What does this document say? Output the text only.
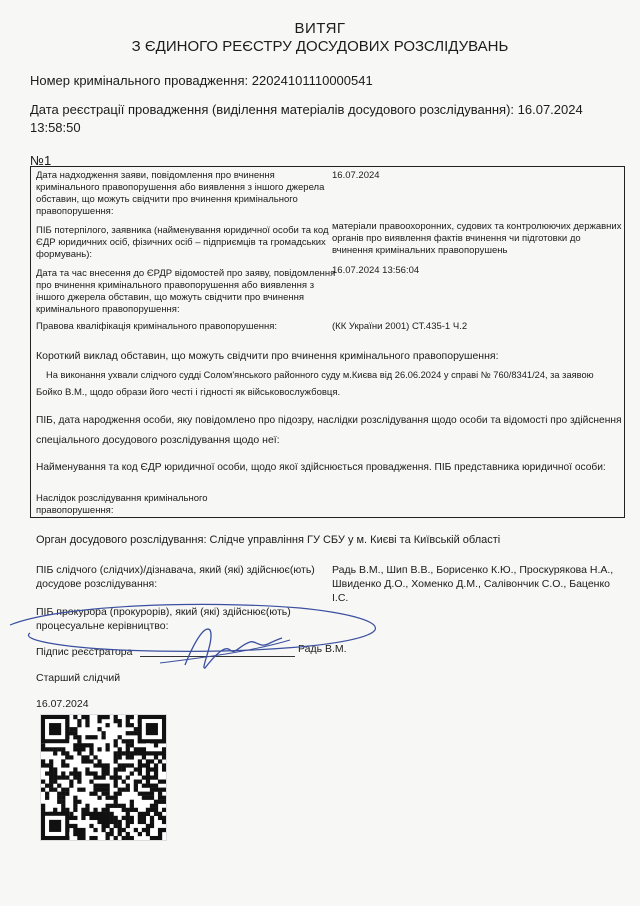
ВИТЯГ
З ЄДИНОГО РЕЄСТРУ ДОСУДОВИХ РОЗСЛІДУВАНЬ
Номер кримінального провадження: 22024101110000541
Дата реєстрації провадження (виділення матеріалів досудового розслідування): 16.07.2024 13:58:50
№1
Дата надходження заяви, повідомлення про вчинення кримінального правопорушення або виявлення з іншого джерела обставин, що можуть свідчити про вчинення кримінального правопорушення:
16.07.2024
ПІБ потерпілого, заявника (найменування юридичної особи та код ЄДР юридичних осіб, фізичних осіб – підприємців та громадських формувань):
матеріали правоохоронних, судових та контролюючих державних органів про виявлення фактів вчинення чи підготовки до вчинення кримінальних правопорушень
Дата та час внесення до ЄРДР відомостей про заяву, повідомлення про вчинення кримінального правопорушення або виявлення з іншого джерела обставин, що можуть свідчити про вчинення кримінального правопорушення:
16.07.2024 13:56:04
Правова кваліфікація кримінального правопорушення:	(КК України 2001) СТ.435-1 Ч.2
Короткий виклад обставин, що можуть свідчити про вчинення кримінального правопорушення:
На виконання ухвали слідчого судді Солом'янського районного суду м.Києва від 26.06.2024 у справі № 760/8341/24, за заявою
Бойко В.М., щодо образи його честі і гідності як військовослужбовця.
ПІБ, дата народження особи, яку повідомлено про підозру, наслідки розслідування щодо особи та відомості про здійснення
спеціального досудового розслідування щодо неї:
Найменування та код ЄДР юридичної особи, щодо якої здійснюється провадження. ПІБ представника юридичної особи:
Наслідок розслідування кримінального
правопорушення:
Орган досудового розслідування: Слідче управління ГУ СБУ у м. Києві та Київській області
ПІБ слідчого (слідчих)/дізнавача, який (які) здійснює(ють)
досудове розслідування:
Радь В.М., Шип В.В., Борисенко К.Ю., Проскурякова Н.А.,
Швиденко Д.О., Хоменко Д.М., Салівончик С.О., Баценко
І.С.
ПІБ прокурора (прокурорів), який (які) здійснює(ють)
процесуальне керівництво:
Підпис реєстратора	Радь В.М.
Старший слідчий
16.07.2024
